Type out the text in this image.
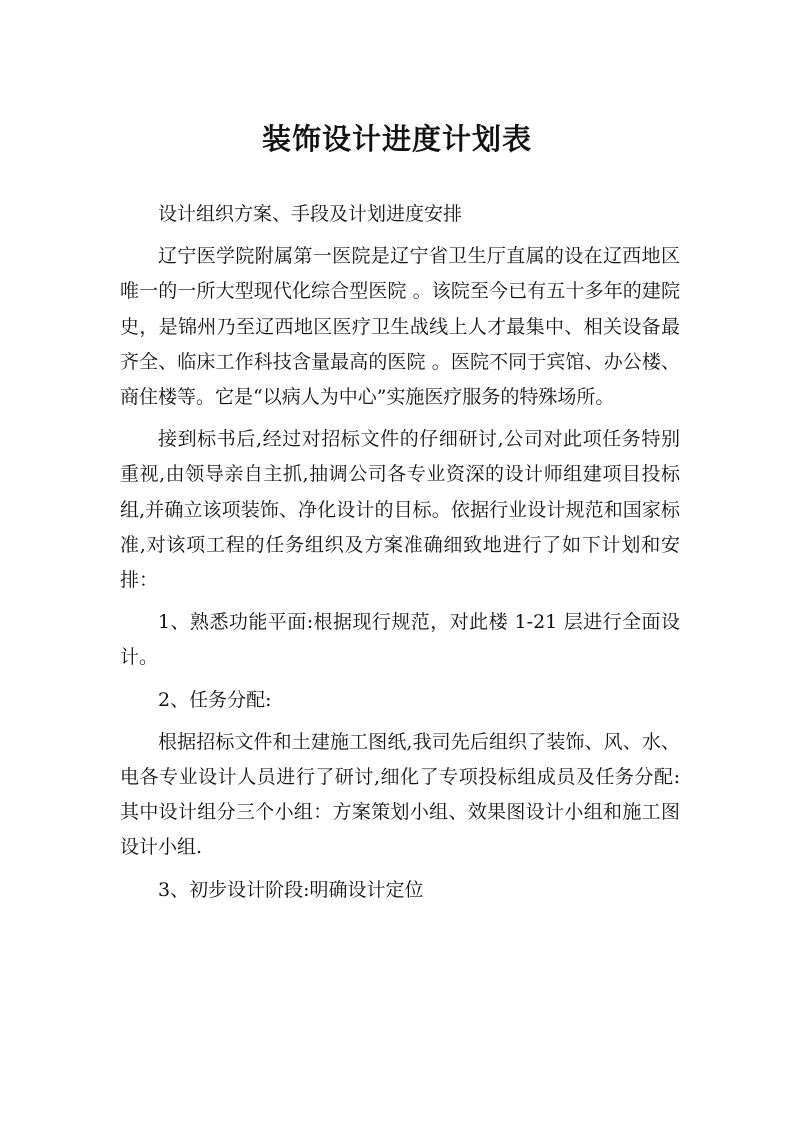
装饰设计进度计划表

设计组织方案、手段及计划进度安排

辽宁医学院附属第一医院是辽宁省卫生厅直属的设在辽西地区唯一的一所大型现代化综合型医院 。该院至今已有五十多年的建院史，是锦州乃至辽西地区医疗卫生战线上人才最集中、相关设备最齐全、临床工作科技含量最高的医院 。医院不同于宾馆、办公楼、商住楼等。它是“以病人为中心”实施医疗服务的特殊场所。

接到标书后,经过对招标文件的仔细研讨,公司对此项任务特别重视,由领导亲自主抓,抽调公司各专业资深的设计师组建项目投标组,并确立该项装饰、净化设计的目标。依据行业设计规范和国家标准,对该项工程的任务组织及方案准确细致地进行了如下计划和安排：

1、熟悉功能平面:根据现行规范，对此楼 1-21 层进行全面设计。

2、任务分配:

根据招标文件和土建施工图纸,我司先后组织了装饰、风、水、电各专业设计人员进行了研讨,细化了专项投标组成员及任务分配:其中设计组分三个小组：方案策划小组、效果图设计小组和施工图设计小组.

3、初步设计阶段:明确设计定位
